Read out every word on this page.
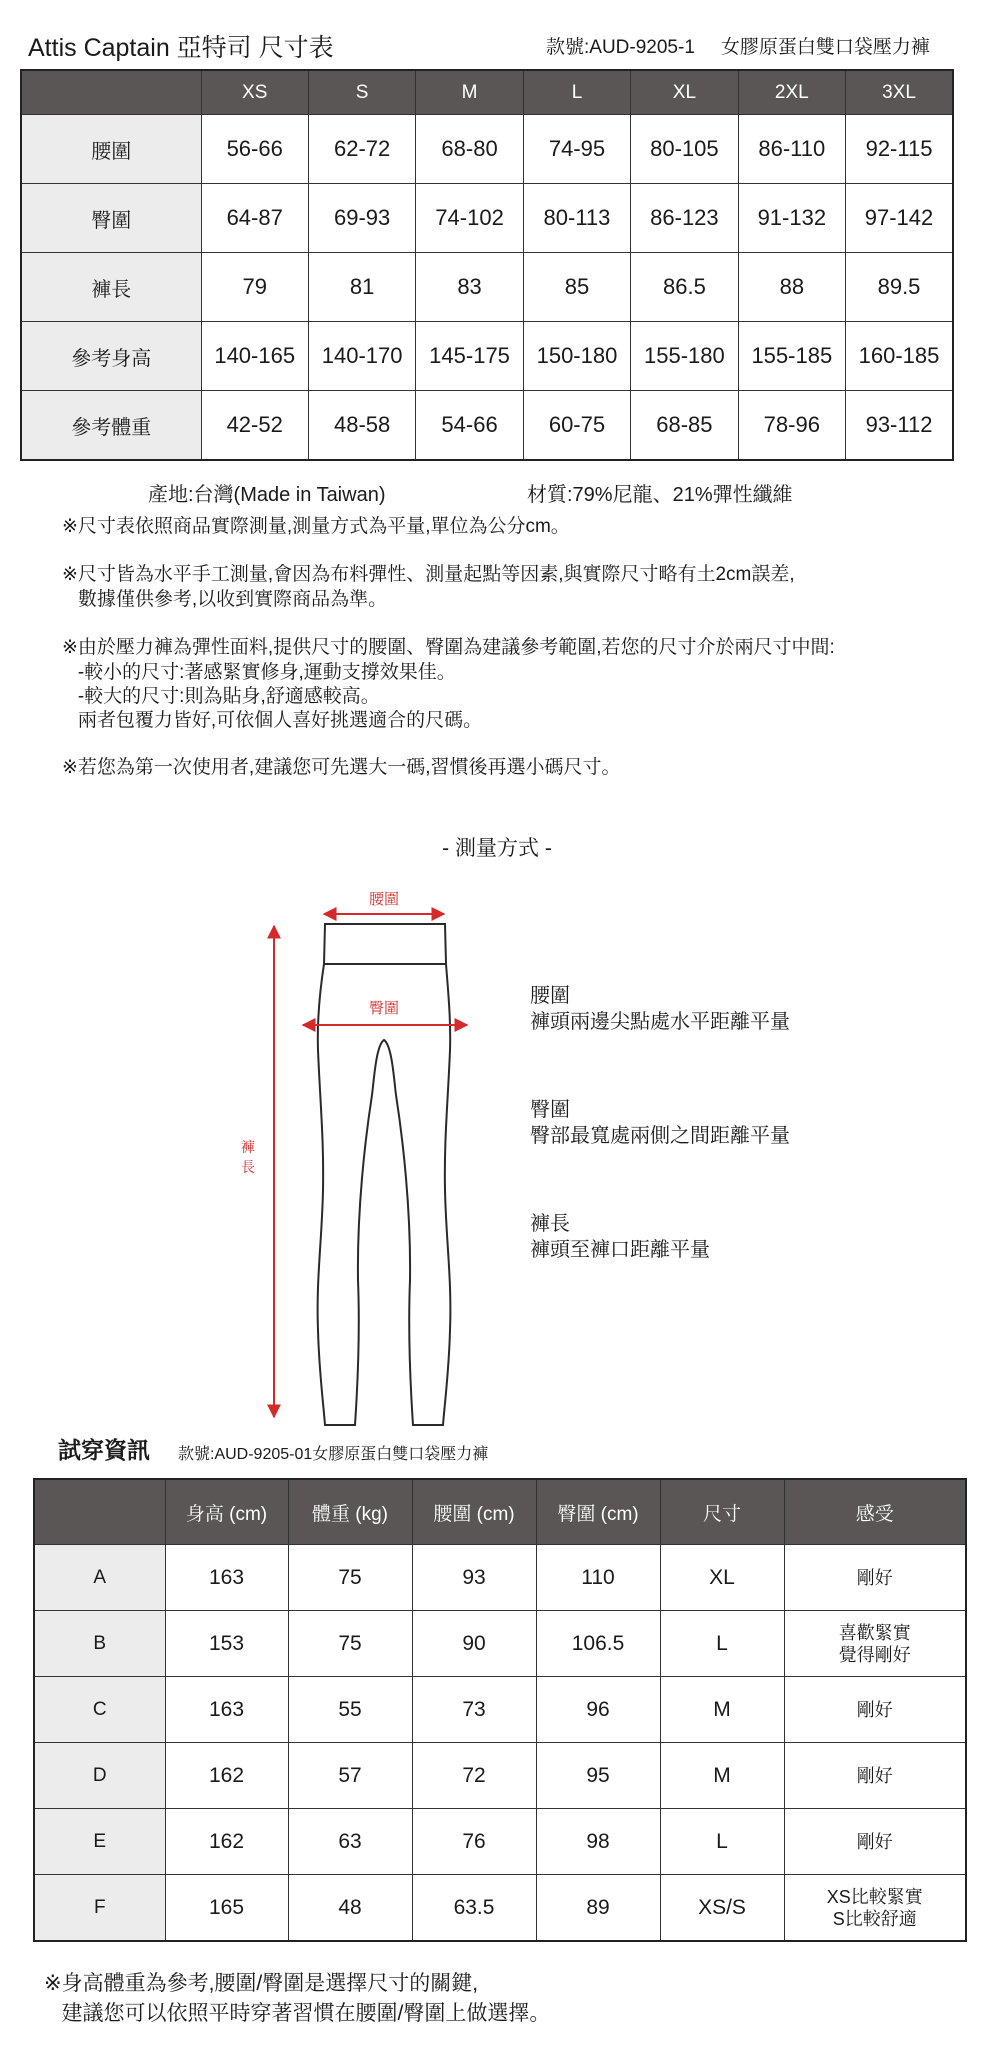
Attis Captain 亞特司 尺寸表	款號:AUD-9205-1 女膠原蛋白雙口袋壓力褲
	XS	S	M	L	XL	2XL	3XL
腰圍	56-66	62-72	68-80	74-95	80-105	86-110	92-115
臀圍	64-87	69-93	74-102	80-113	86-123	91-132	97-142
褲長	79	81	83	85	86.5	88	89.5
參考身高	140-165	140-170	145-175	150-180	155-180	155-185	160-185
參考體重	42-52	48-58	54-66	60-75	68-85	78-96	93-112
產地:台灣(Made in Taiwan)	材質:79%尼龍、21%彈性纖維
※尺寸表依照商品實際測量,測量方式為平量,單位為公分cm。
※尺寸皆為水平手工測量,會因為布料彈性、測量起點等因素,與實際尺寸略有土2cm誤差,
數據僅供參考,以收到實際商品為準。
※由於壓力褲為彈性面料,提供尺寸的腰圍、臀圍為建議參考範圍,若您的尺寸介於兩尺寸中間:
-較小的尺寸:著感緊實修身,運動支撐效果佳。
-較大的尺寸:則為貼身,舒適感較高。
兩者包覆力皆好,可依個人喜好挑選適合的尺碼。
※若您為第一次使用者,建議您可先選大一碼,習慣後再選小碼尺寸。
- 測量方式 -
腰圍
臀圍
褲
長
腰圍
褲頭兩邊尖點處水平距離平量
臀圍
臀部最寬處兩側之間距離平量
褲長
褲頭至褲口距離平量
試穿資訊 款號:AUD-9205-01女膠原蛋白雙口袋壓力褲
	身高 (cm)	體重 (kg)	腰圍 (cm)	臀圍 (cm)	尺寸	感受
A	163	75	93	110	XL	剛好

B	153	75	90	106.5	L	喜歡緊實
覺得剛好

C	163	55	73	96	M	剛好

D	162	57	72	95	M	剛好

E	162	63	76	98	L	剛好

F	165	48	63.5	89	XS/S	XS比較緊實
S比較舒適
※身高體重為參考,腰圍/臀圍是選擇尺寸的關鍵,
建議您可以依照平時穿著習慣在腰圍/臀圍上做選擇。
